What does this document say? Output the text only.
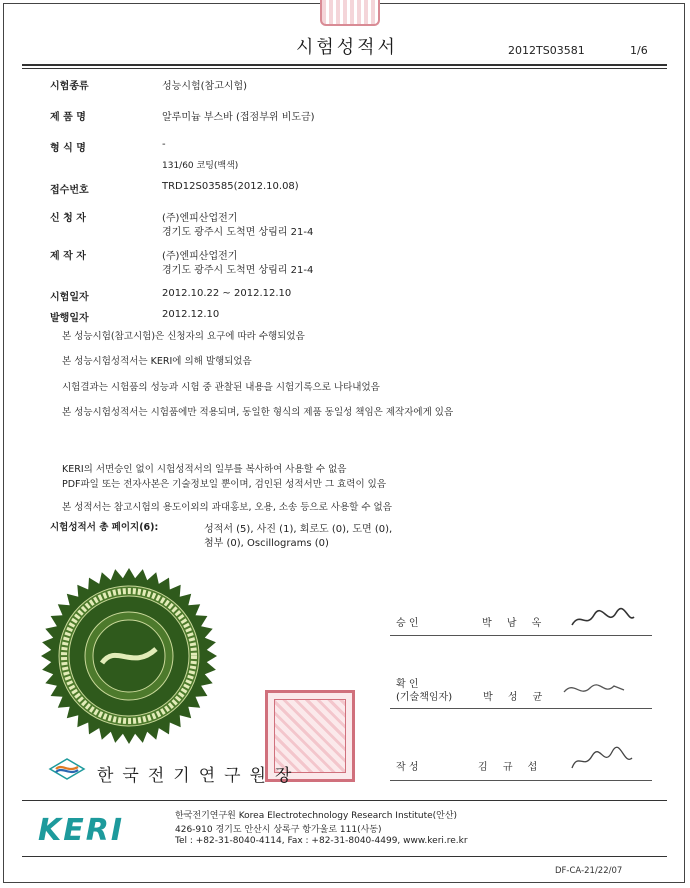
시험성적서	2012TS03581	1/6
시험종류	성능시험(참고시험)
제 품 명	알루미늄 부스바 (접점부위 비도금)
형 식 명	-
131/60 코팅(백색)
접수번호	TRD12S03585(2012.10.08)
신 청 자	(주)엔피산업전기
경기도 광주시 도척면 상림리 21-4
제 작 자	(주)엔피산업전기
경기도 광주시 도척면 상림리 21-4
시험일자	2012.10.22 ~ 2012.12.10
발행일자	2012.12.10
본 성능시험(참고시험)은 신청자의 요구에 따라 수행되었음
본 성능시험성적서는 KERI에 의해 발행되었음
시험결과는 시험품의 성능과 시험 중 관찰된 내용을 시험기록으로 나타내었음
본 성능시험성적서는 시험품에만 적용되며, 동일한 형식의 제품 동일성 책임은 제작자에게 있음
KERI의 서면승인 없이 시험성적서의 일부를 복사하여 사용할 수 없음
PDF파일 또는 전자사본은 기술정보일 뿐이며, 검인된 성적서만 그 효력이 있음
본 성적서는 참고시험의 용도이외의 과대홍보, 오용, 소송 등으로 사용할 수 없음
시험성적서 총 페이지(6):	성적서 (5), 사진 (1), 회로도 (0), 도면 (0),
첨부 (0), Oscillograms (0)
승 인	박 남 옥
확 인
(기술책임자)	박 성 균
작 성	김 규 섭
한국전기연구원장
KERI	한국전기연구원 Korea Electrotechnology Research Institute(안산)
426-910 경기도 안산시 상록구 항가울로 111(사동)
Tel : +82-31-8040-4114, Fax : +82-31-8040-4499, www.keri.re.kr
DF-CA-21/22/07
